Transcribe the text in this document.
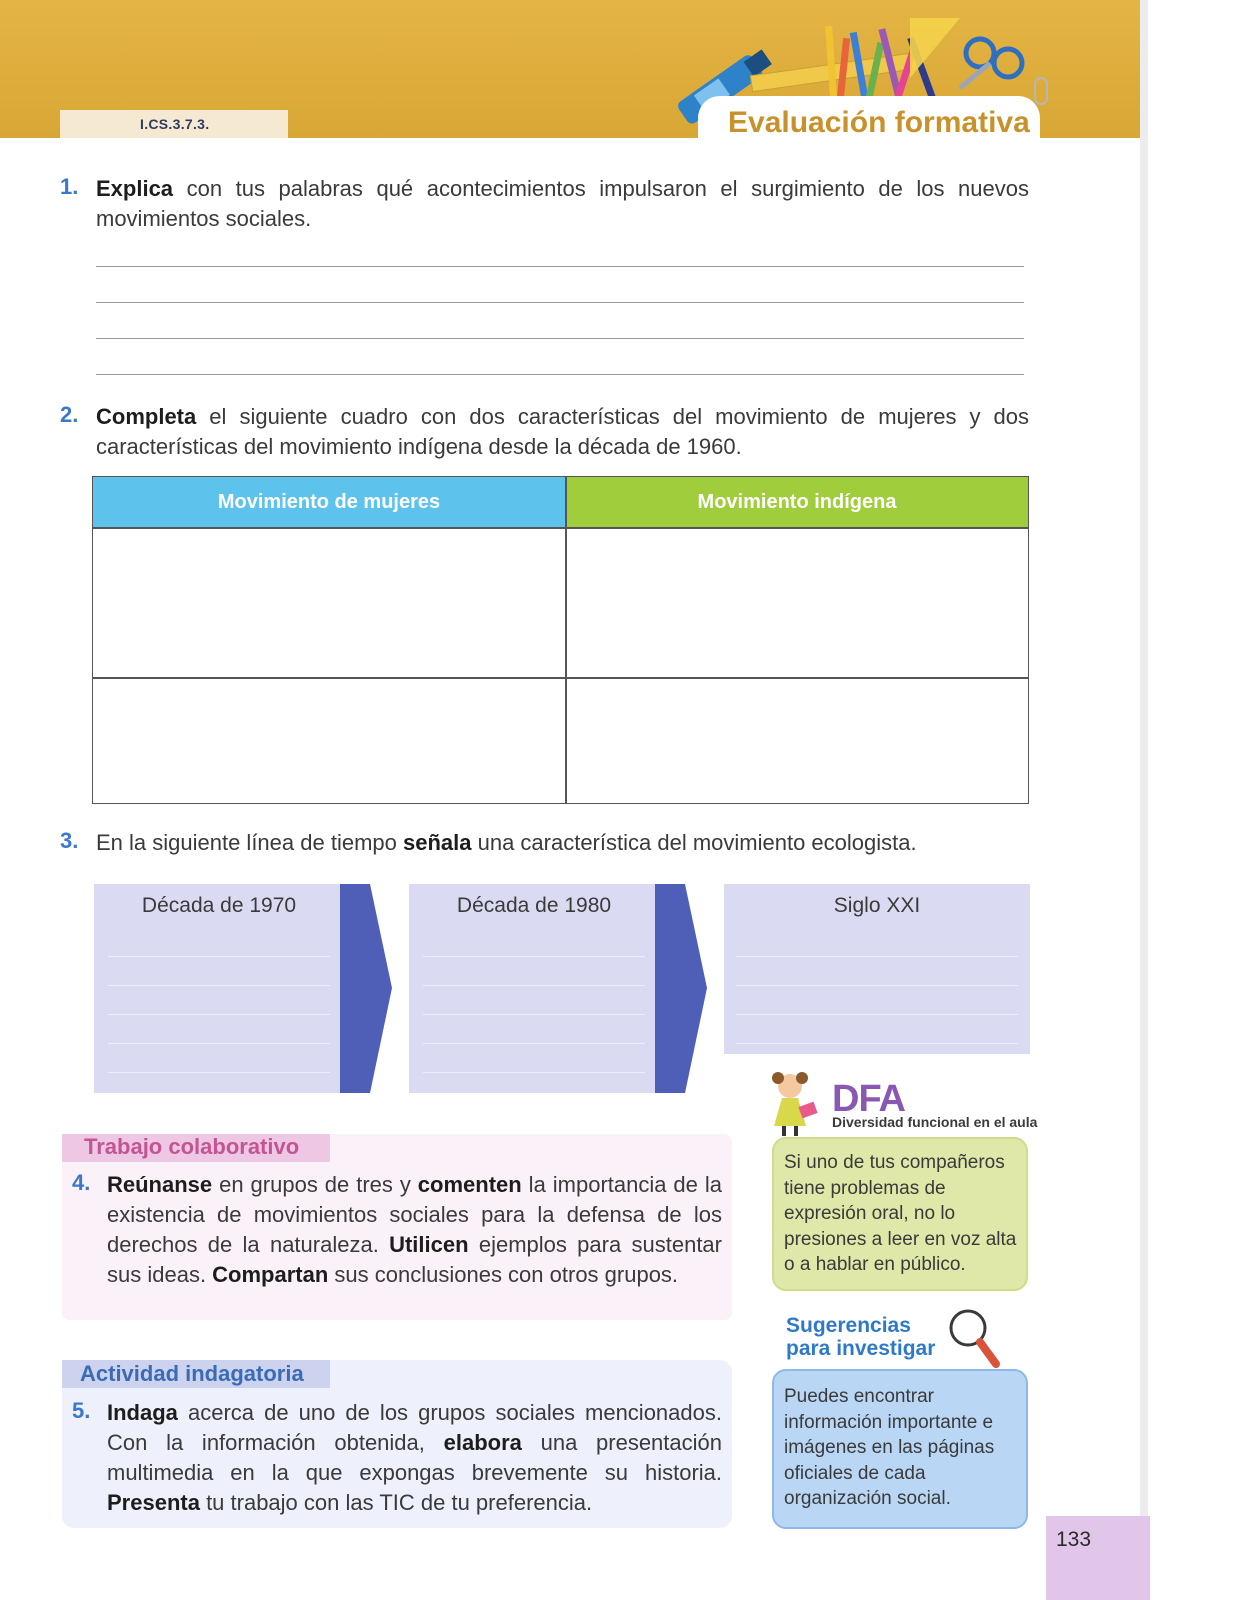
I.CS.3.7.3.	Evaluación formativa
1. Explica con tus palabras qué acontecimientos impulsaron el surgimiento de los nuevos movimientos sociales.
2. Completa el siguiente cuadro con dos características del movimiento de mujeres y dos características del movimiento indígena desde la década de 1960.
Movimiento de mujeres	Movimiento indígena
3. En la siguiente línea de tiempo señala una característica del movimiento ecologista.
Década de 1970	Década de 1980	Siglo XXI
Trabajo colaborativo
4. Reúnanse en grupos de tres y comenten la importancia de la existencia de movimientos sociales para la defensa de los derechos de la naturaleza. Utilicen ejemplos para sustentar sus ideas. Compartan sus conclusiones con otros grupos.
Actividad indagatoria
5. Indaga acerca de uno de los grupos sociales mencionados. Con la información obtenida, elabora una presentación multimedia en la que expongas brevemente su historia. Presenta tu trabajo con las TIC de tu preferencia.
DFA
Diversidad funcional en el aula
Si uno de tus compañeros tiene problemas de expresión oral, no lo presiones a leer en voz alta o a hablar en público.
Sugerencias
para investigar
Puedes encontrar información importante e imágenes en las páginas oficiales de cada organización social.
133
